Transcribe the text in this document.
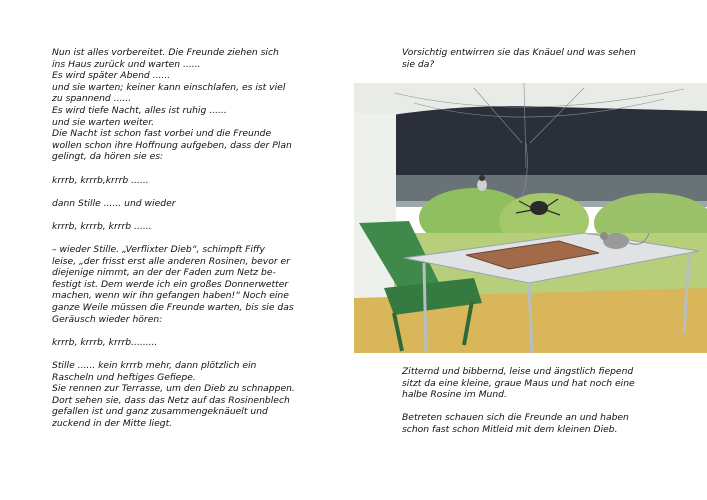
Nun ist alles vorbereitet. Die Freunde ziehen sich
ins Haus zurück und warten ......
Es wird später Abend ......
und sie warten; keiner kann einschlafen, es ist viel
zu spannend ......
Es wird tiefe Nacht, alles ist ruhig ......
und sie warten weiter.
Die Nacht ist schon fast vorbei und die Freunde
wollen schon ihre Hoffnung aufgeben, dass der Plan
gelingt, da hören sie es:

krrrb, krrrb,krrrb ......

dann Stille ...... und wieder

krrrb, krrrb, krrrb ......

– wieder Stille. „Verflixter Dieb“, schimpft Fiffy
leise, „der frisst erst alle anderen Rosinen, bevor er
diejenige nimmt, an der der Faden zum Netz be-
festigt ist. Dem werde ich ein großes Donnerwetter
machen, wenn wir ihn gefangen haben!“ Noch eine
ganze Weile müssen die Freunde warten, bis sie das
Geräusch wieder hören:

krrrb, krrrb, krrrb.........

Stille ...... kein krrrb mehr, dann plötzlich ein
Rascheln und heftiges Gefiepe.
Sie rennen zur Terrasse, um den Dieb zu schnappen.
Dort sehen sie, dass das Netz auf das Rosinenblech
gefallen ist und ganz zusammengeknäuelt und
zuckend in der Mitte liegt.

Vorsichtig entwirren sie das Knäuel und was sehen
sie da?

Zitternd und bibbernd, leise und ängstlich fiepend
sitzt da eine kleine, graue Maus und hat noch eine
halbe Rosine im Mund.

Betreten schauen sich die Freunde an und haben
schon fast schon Mitleid mit dem kleinen Dieb.
